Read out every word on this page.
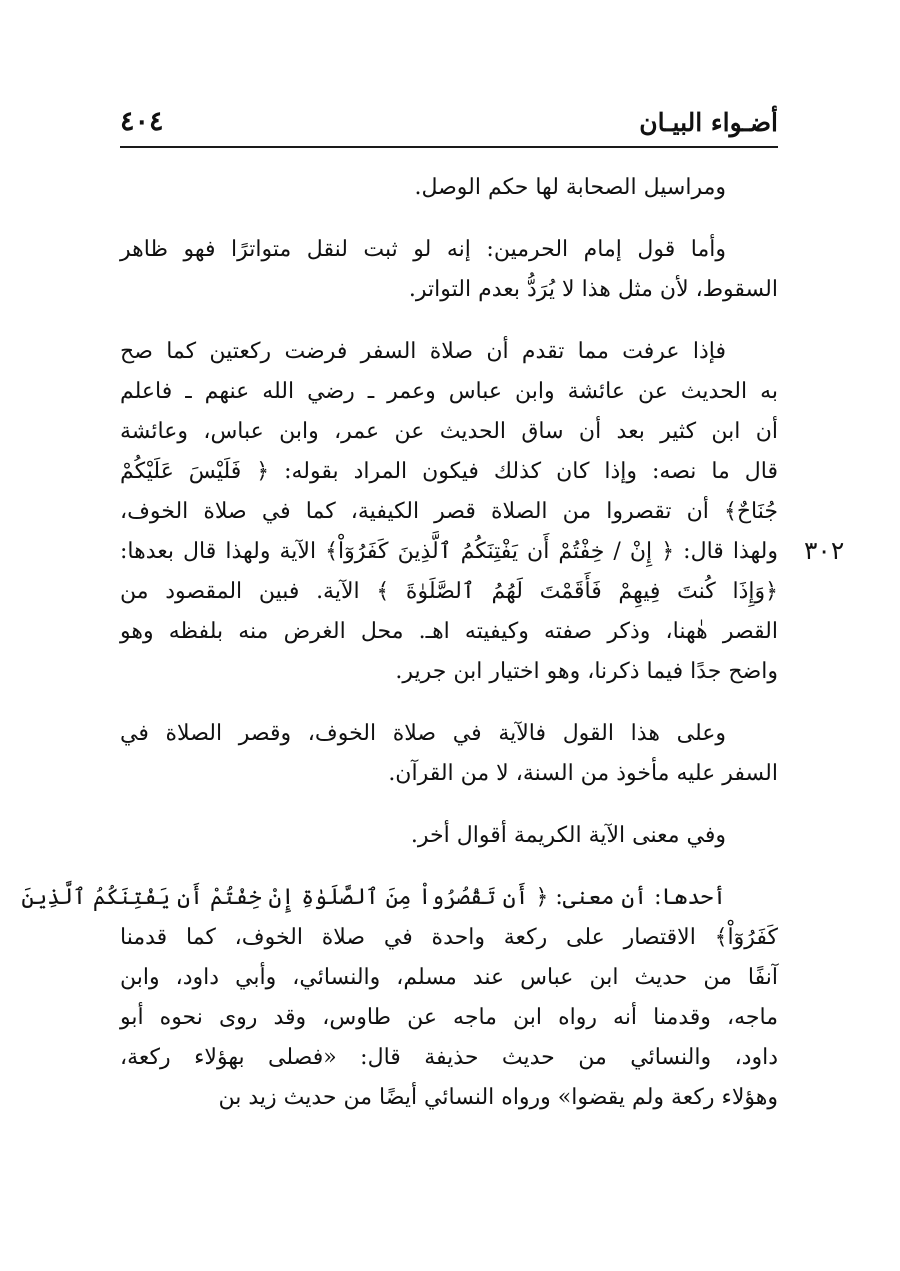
أضـواء البيـان
٤٠٤
٣٠٢
ومراسيل الصحابة لها حكم الوصل.
وأما قول إمام الحرمين: إنه لو ثبت لنقل متواترًا فهو ظاهر
السقوط، لأن مثل هذا لا يُرَدُّ بعدم التواتر.
فإذا عرفت مما تقدم أن صلاة السفر فرضت ركعتين كما صح
به الحديث عن عائشة وابن عباس وعمر ـ رضي الله عنهم ـ فاعلم
أن ابن كثير بعد أن ساق الحديث عن عمر، وابن عباس، وعائشة
قال ما نصه: وإذا كان كذلك فيكون المراد بقوله: ﴿ فَلَيْسَ عَلَيْكُمْ
جُنَاحٌ﴾ أن تقصروا من الصلاة قصر الكيفية، كما في صلاة الخوف،
ولهذا قال: ﴿ إِنْ / خِفْتُمْ أَن يَفْتِنَكُمُ ٱلَّذِينَ كَفَرُوٓاْ﴾ الآية ولهذا قال بعدها:
﴿وَإِذَا كُنتَ فِيهِمْ فَأَقَمْتَ لَهُمُ ٱلصَّلَوٰةَ ﴾ الآية. فبين المقصود من
القصر هٰهنا، وذكر صفته وكيفيته اهـ. محل الغرض منه بلفظه وهو
واضح جدًا فيما ذكرنا، وهو اختيار ابن جرير.
وعلى هذا القول فالآية في صلاة الخوف، وقصر الصلاة في
السفر عليه مأخوذ من السنة، لا من القرآن.
وفي معنى الآية الكريمة أقوال أخر.
أحدها: أن معنى: ﴿ أَن تَقْصُرُواْ مِنَ ٱلصَّلَوٰةِ إِنْ خِفْتُمْ أَن يَفْتِنَكُمُ ٱلَّذِينَ
كَفَرُوٓاْ﴾ الاقتصار على ركعة واحدة في صلاة الخوف، كما قدمنا
آنفًا من حديث ابن عباس عند مسلم، والنسائي، وأبي داود، وابن
ماجه، وقدمنا أنه رواه ابن ماجه عن طاوس، وقد روى نحوه أبو
داود، والنسائي من حديث حذيفة قال: «فصلى بهؤلاء ركعة،
وهؤلاء ركعة ولم يقضوا» ورواه النسائي أيضًا من حديث زيد بن
